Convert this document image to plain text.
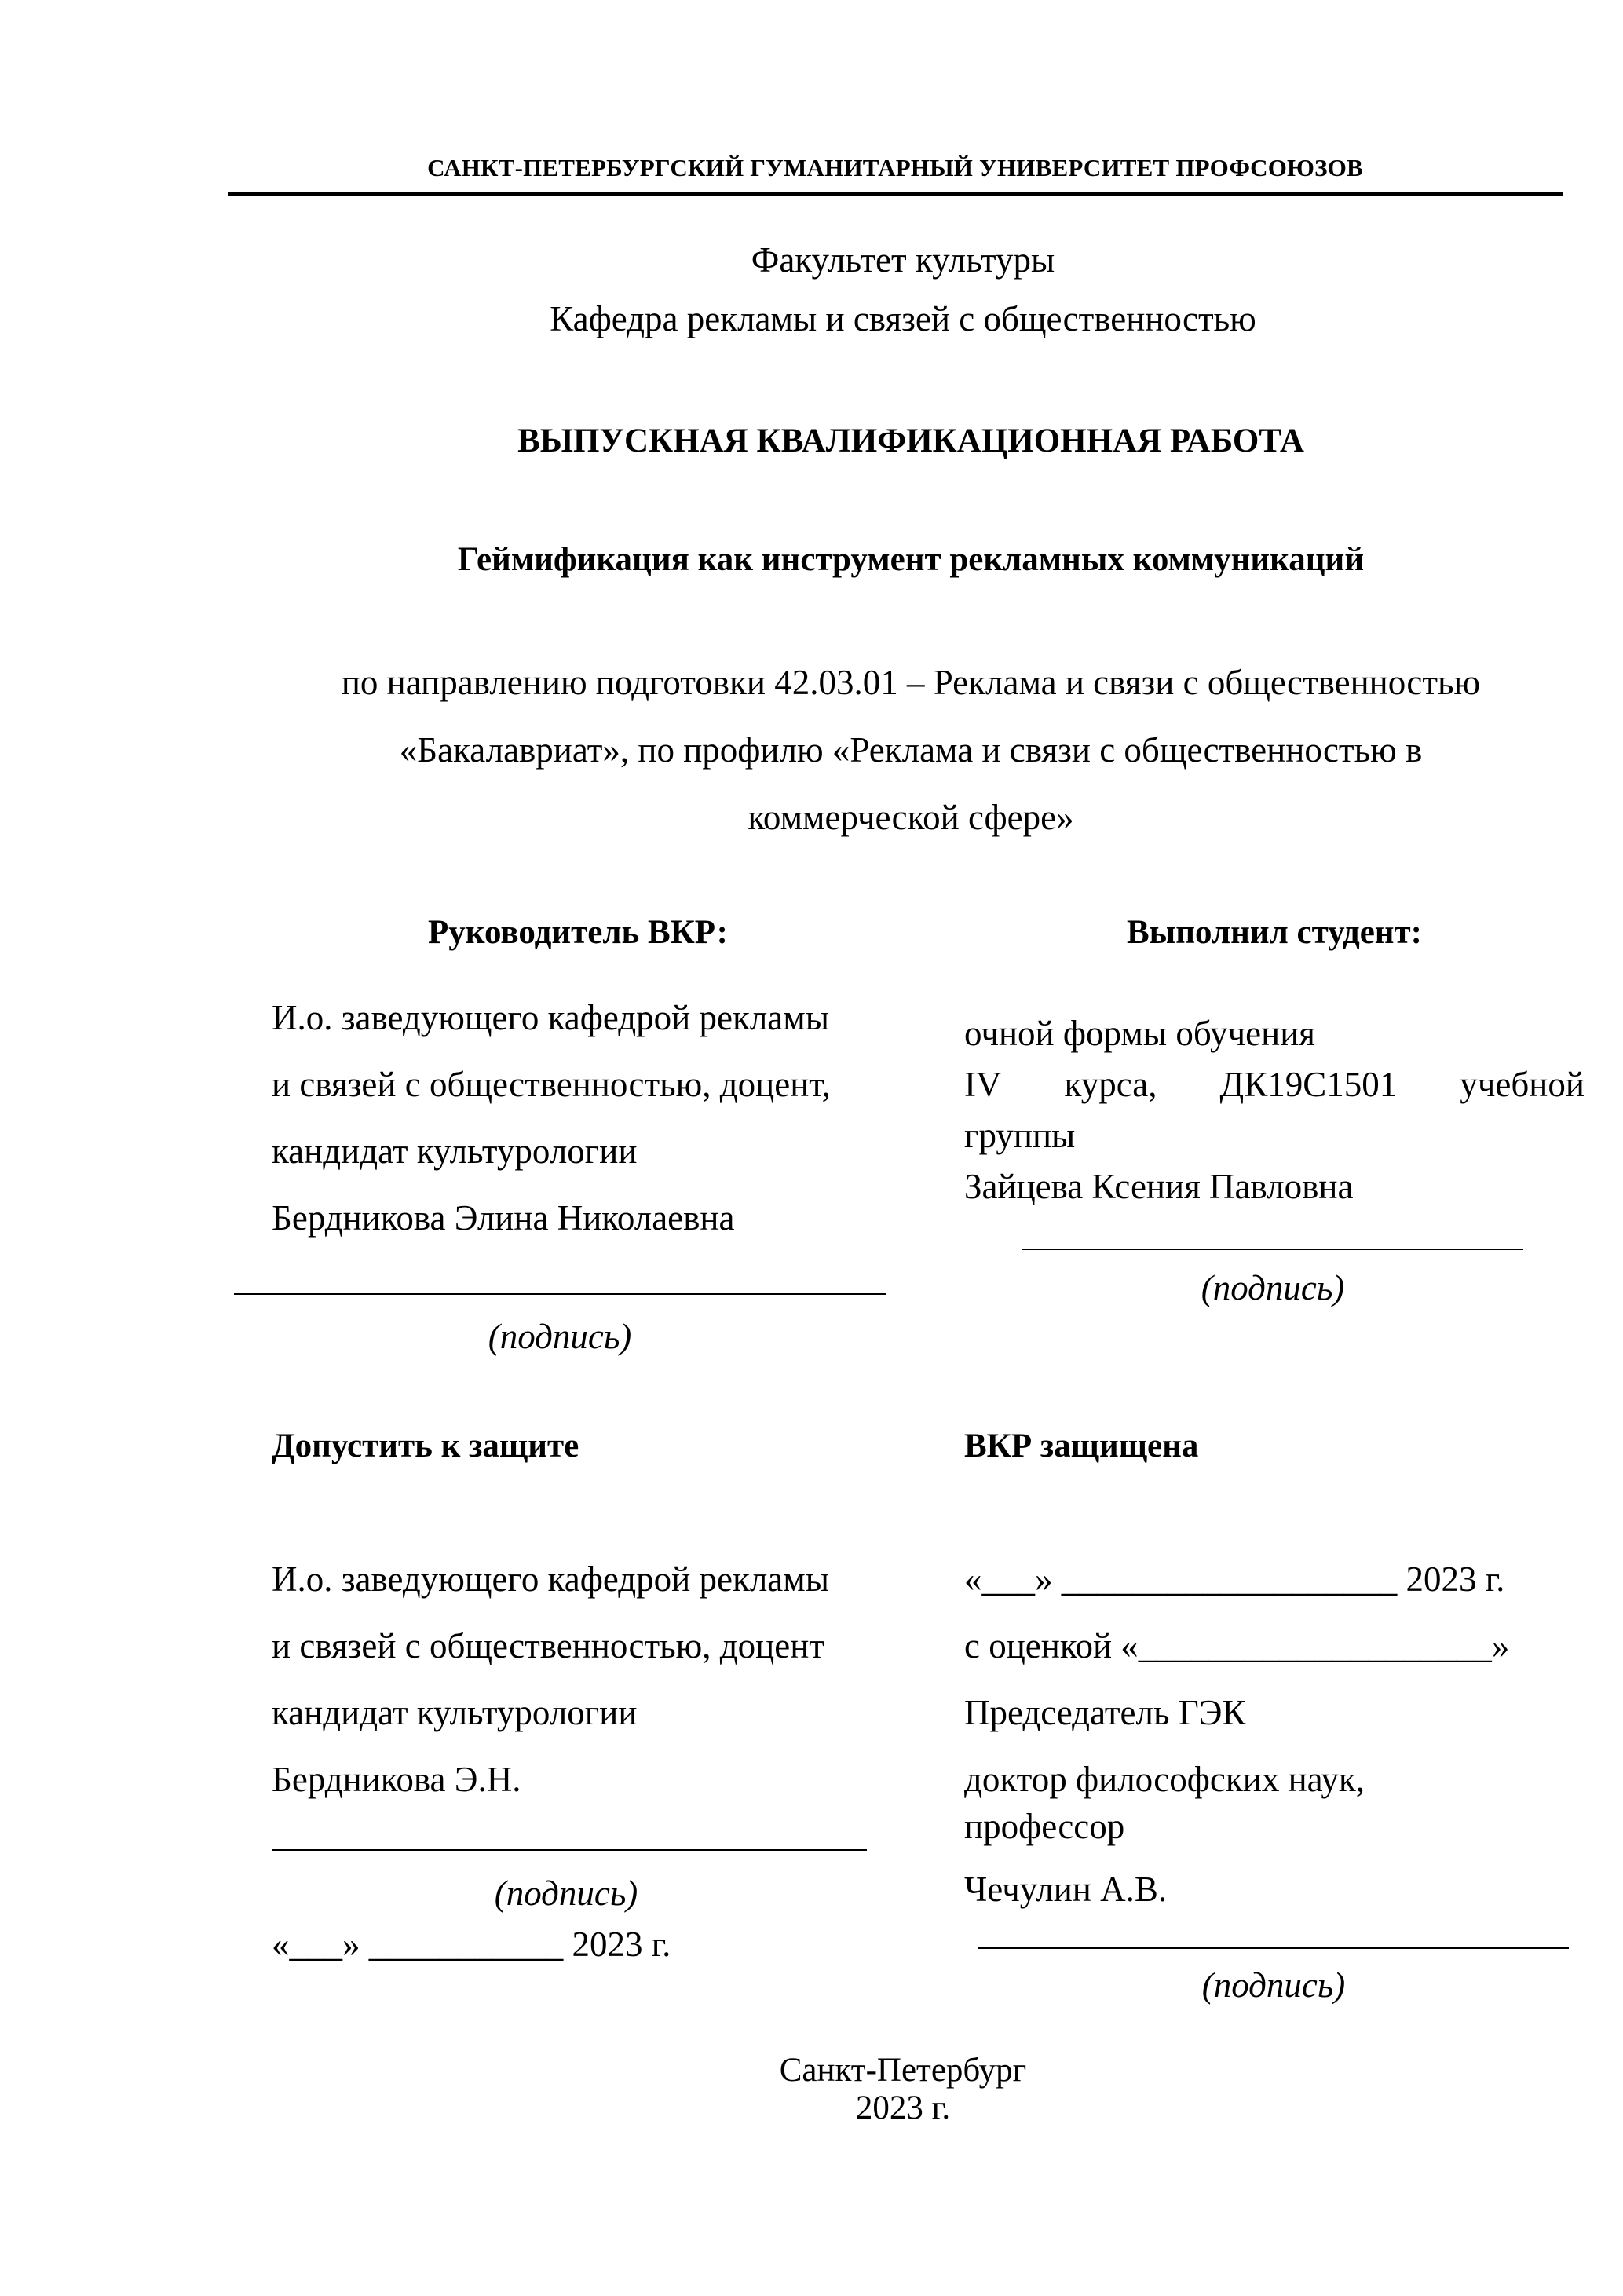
САНКТ-ПЕТЕРБУРГСКИЙ ГУМАНИТАРНЫЙ УНИВЕРСИТЕТ ПРОФСОЮЗОВ
Факультет культуры
Кафедра рекламы и связей с общественностью
ВЫПУСКНАЯ КВАЛИФИКАЦИОННАЯ РАБОТА
Геймификация как инструмент рекламных коммуникаций
по направлению подготовки 42.03.01 – Реклама и связи с общественностью
«Бакалавриат», по профилю «Реклама и связи с общественностью в
коммерческой сфере»
Руководитель ВКР:
И.о. заведующего кафедрой рекламы
и связей с общественностью, доцент,
кандидат культурологии
Бердникова Элина Николаевна
(подпись)
Выполнил студент:
очной формы обучения
IV курса, ДК19С1501 учебной
группы
Зайцева Ксения Павловна
(подпись)
Допустить к защите
И.о. заведующего кафедрой рекламы
и связей с общественностью, доцент
кандидат культурологии
Бердникова Э.Н.
(подпись)
«___» ___________ 2023 г.
ВКР защищена
«___» ___________________ 2023 г.
с оценкой «____________________»
Председатель ГЭК
доктор философских наук,
профессор
Чечулин А.В.
(подпись)
Санкт-Петербург
2023 г.
